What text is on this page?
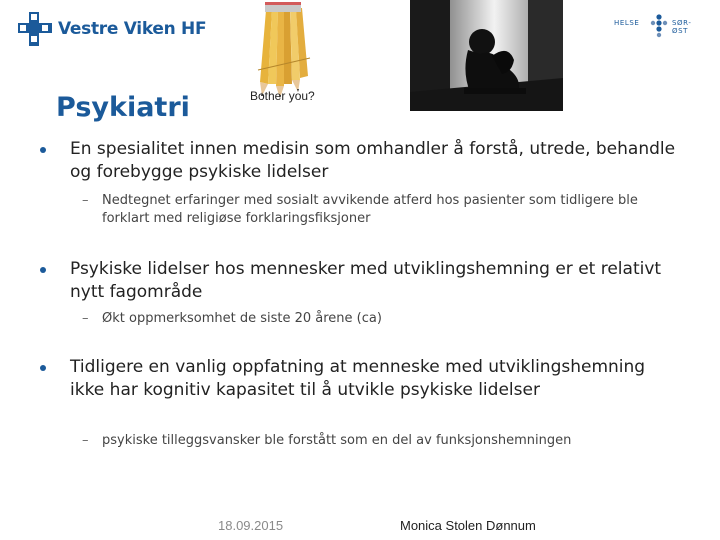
Vestre Viken HF
Bother you?
HELSE	SØR-ØST
Psykiatri
En spesialitet innen medisin som omhandler å forstå, utrede, behandle og forebygge psykiske lidelser
– Nedtegnet erfaringer med sosialt avvikende atferd hos pasienter som tidligere ble forklart med religiøse forklaringsfiksjoner
Psykiske lidelser hos mennesker med utviklingshemning er et relativt nytt fagområde
– Økt oppmerksomhet de siste 20 årene (ca)
Tidligere en vanlig oppfatning at menneske med utviklingshemning ikke har kognitiv kapasitet til å utvikle psykiske lidelser
– psykiske tilleggsvansker ble forstått som en del av funksjonshemningen
18.09.2015	Monica Stolen Dønnum
